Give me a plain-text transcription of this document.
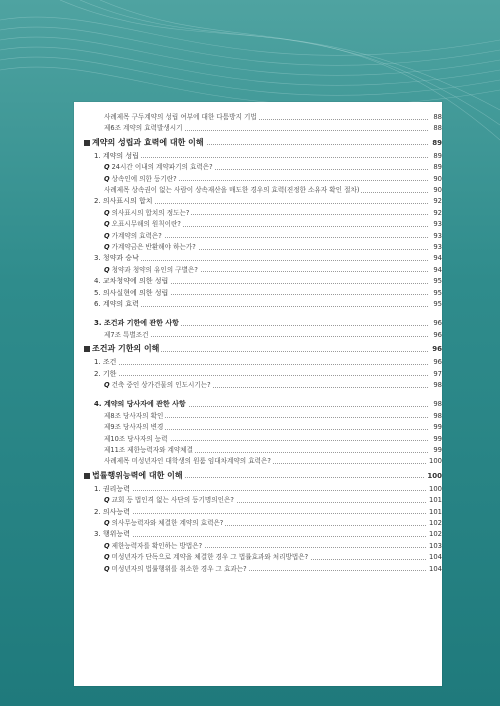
사례제목 구두계약의 성립 여부에 대한 다툼방지 기법	88
제6조 계약의 효력발생시기	88
계약의 성립과 효력에 대한 이해	89
1. 계약의 성립	89
Q 24시간 이내의 계약파기의 효력은?	89
Q 상속인에 의한 등기란?	90
사례제목 상속권이 없는 사람이 상속재산을 매도한 경우의 효력(진정한 소유자 확인 절차)	90
2. 의사표시의 합치	92
Q 의사표시의 합치의 정도는?	92
Q 오표시무해의 원칙이란?	93
Q 가계약의 효력은?	93
Q 가계약금은 반환해야 하는가?	93
3. 청약과 승낙	94
Q 청약과 청약의 유인의 구별은?	94
4. 교차청약에 의한 성립	95
5. 의사실현에 의한 성립	95
6. 계약의 효력	95
3. 조건과 기한에 관한 사항	96
제7조 특별조건	96
조건과 기한의 이해	96
1. 조건	96
2. 기한	97
Q 건축 중인 상가건물의 인도시기는?	98
4. 계약의 당사자에 관한 사항	98
제8조 당사자의 확인	98
제9조 당사자의 변경	99
제10조 당사자의 능력	99
제11조 제한능력자와 계약체결	99
사례제목 미성년자인 대학생의 원룸 임대차계약의 효력은?	100
법률행위능력에 대한 이해	100
1. 권리능력	100
Q 교회 등 법인격 없는 사단의 등기명의인은?	101
2. 의사능력	101
Q 의사무능력자와 체결한 계약의 효력은?	102
3. 행위능력	102
Q 제한능력자를 확인하는 방법은?	103
Q 미성년자가 단독으로 계약을 체결한 경우 그 법률효과와 처리방법은?	104
Q 미성년자의 법률행위를 취소한 경우 그 효과는?	104
